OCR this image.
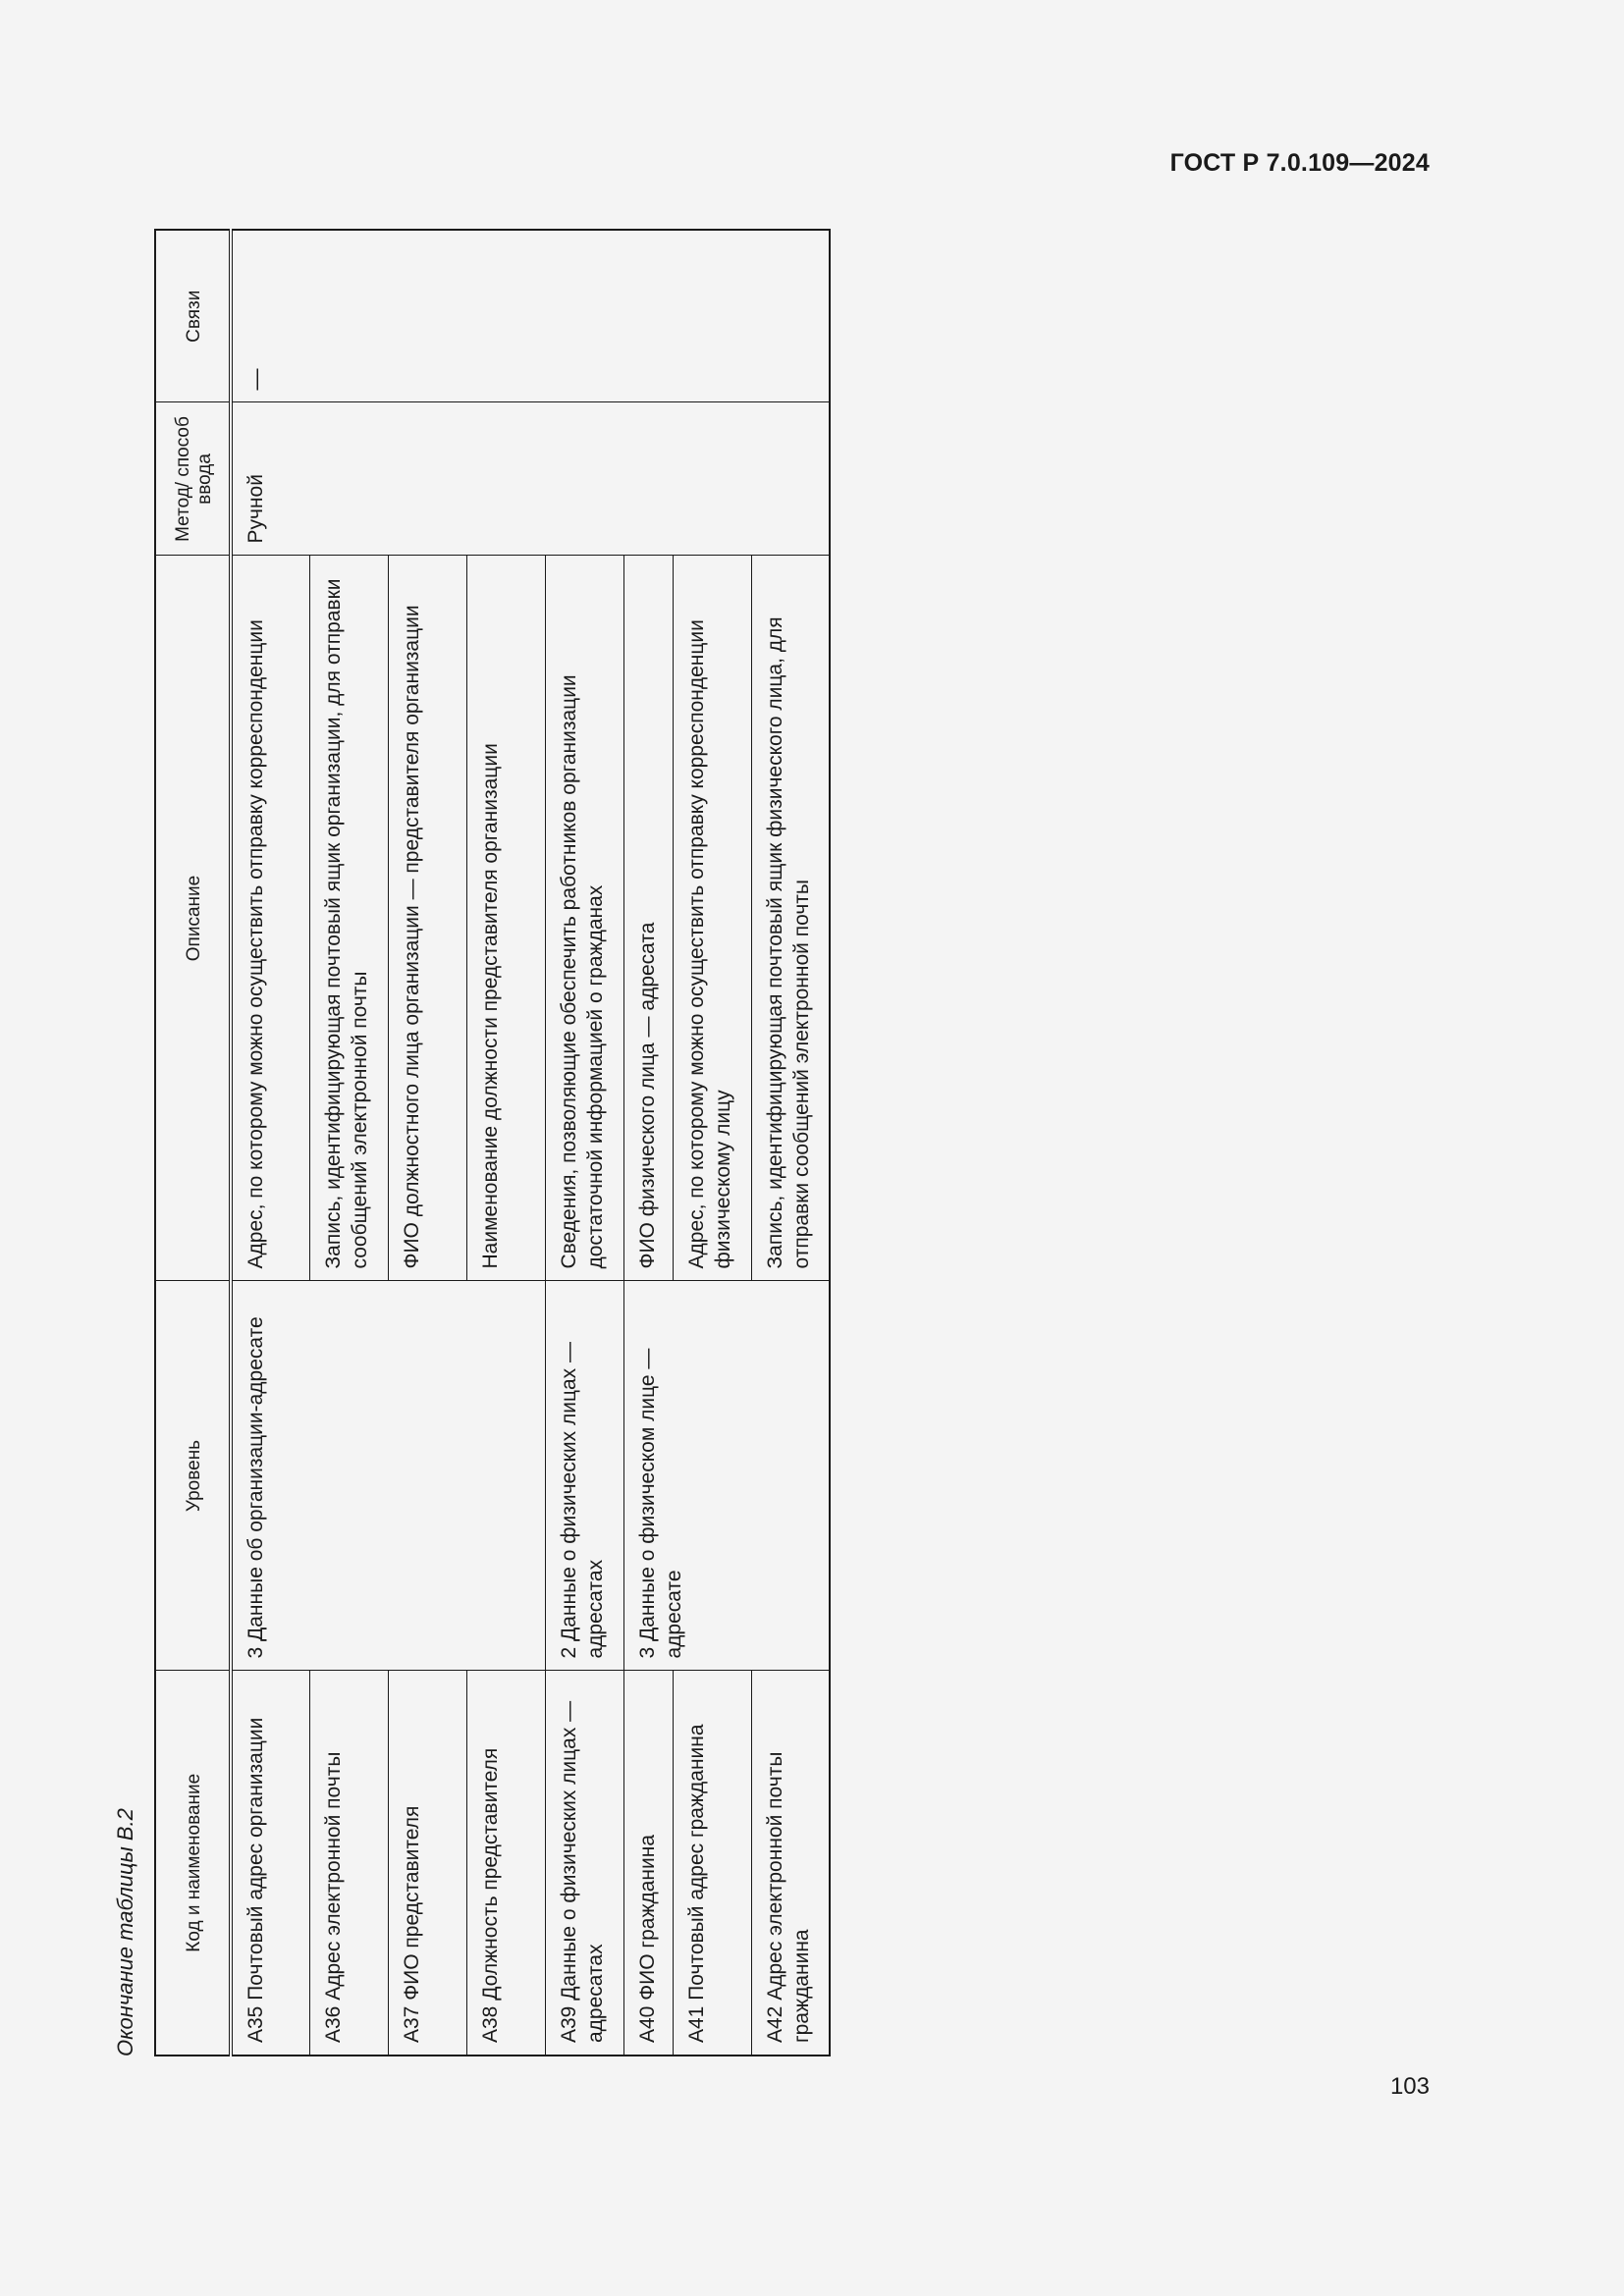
ГОСТ Р 7.0.109—2024
Окончание таблицы В.2 Код и наименование	Уровень	Описание	Метод/ способ ввода	Связи
А35 Почтовый адрес организации	3 Данные об организации-адресате	Адрес, по которому можно осуществить отправку корреспонденции	Ручной	—
А36 Адрес электронной почты		Запись, идентифицирующая почтовый ящик организации, для отправки сообщений электронной почты		
А37 ФИО представителя		ФИО должностного лица организации — представителя организации		
А38 Должность представителя		Наименование должности представителя организации		
А39 Данные о физических лицах — адресатах	2 Данные о физических лицах — адресатах	Сведения, позволяющие обеспечить работников организации достаточной информацией о гражданах		
А40 ФИО гражданина	3 Данные о физическом лице — адресате	ФИО физического лица — адресата		
А41 Почтовый адрес гражданина		Адрес, по которому можно осуществить отправку корреспонденции физическому лицу		
А42 Адрес электронной почты гражданина		Запись, идентифицирующая почтовый ящик физического лица, для отправки сообщений электронной почты		
103
